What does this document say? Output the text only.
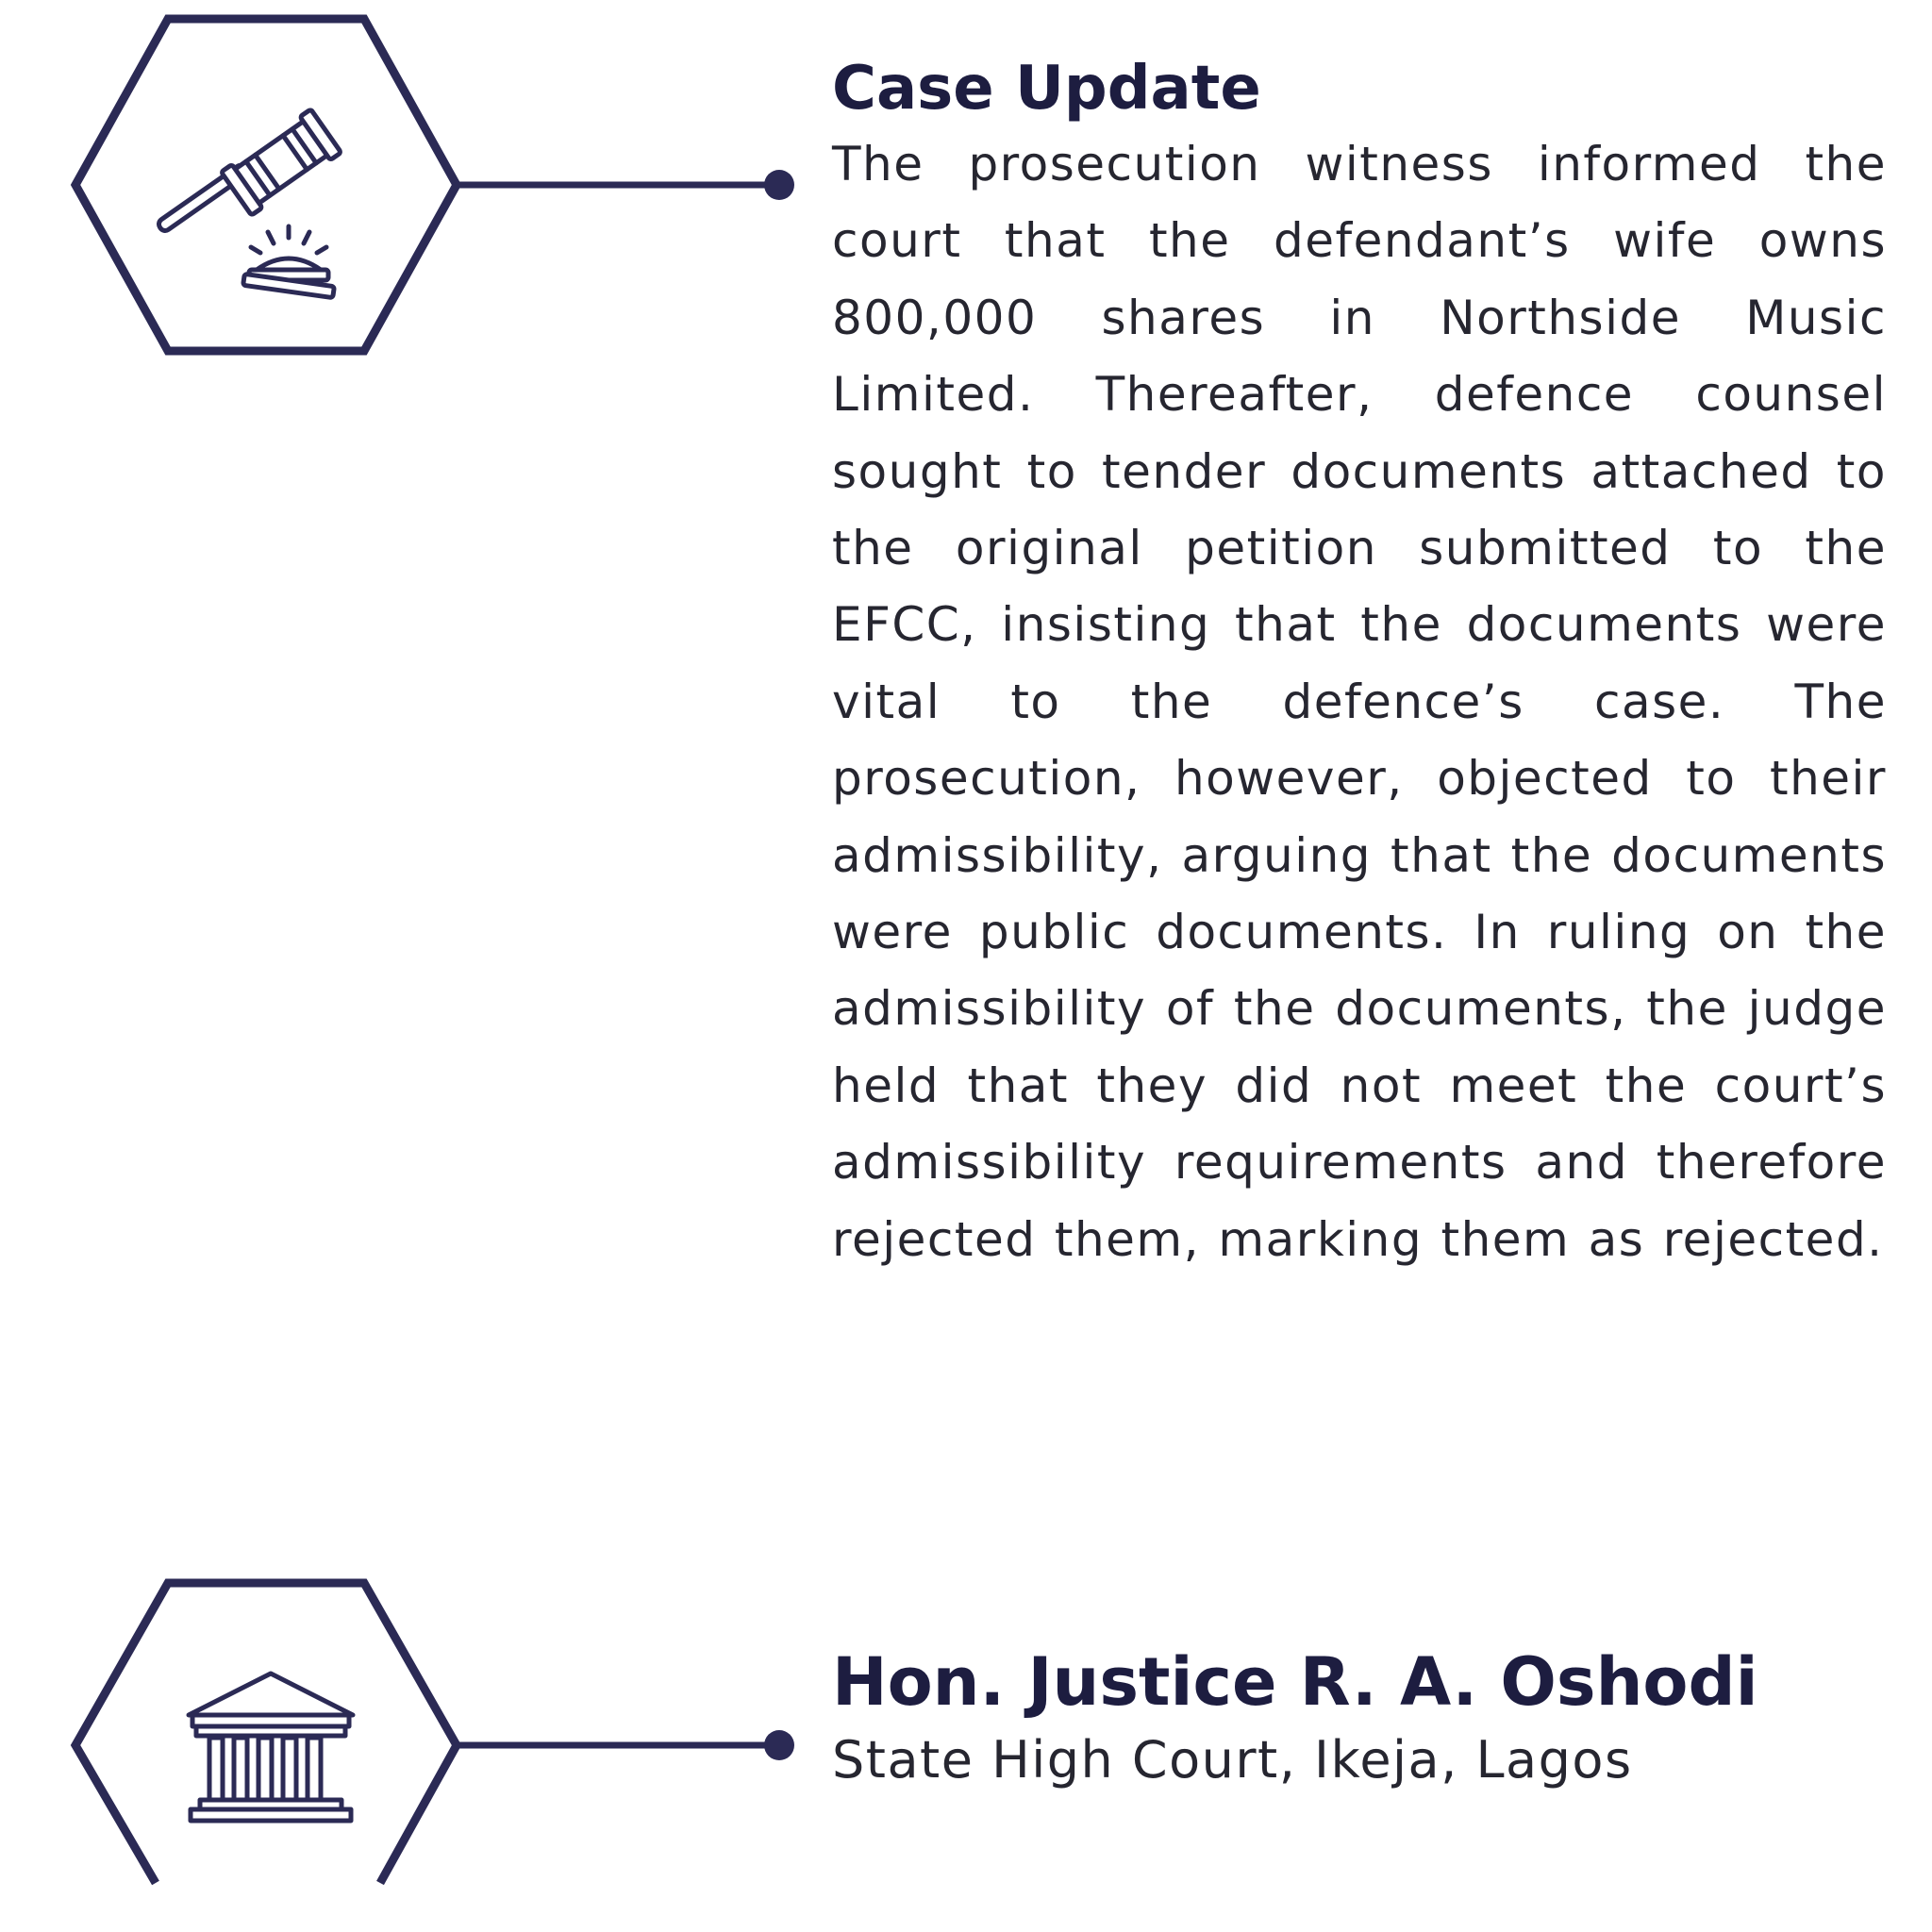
Case Update

The prosecution witness informed the court that the defendant’s wife owns 800,000 shares in Northside Music Limited. Thereafter, defence counsel sought to tender documents attached to the original petition submitted to the EFCC, insisting that the documents were vital to the defence’s case. The prosecution, however, objected to their admissibility, arguing that the documents were public documents. In ruling on the admissibility of the documents, the judge held that they did not meet the court’s admissibility requirements and therefore rejected them, marking them as rejected.

Hon. Justice R. A. Oshodi

State High Court, Ikeja, Lagos
